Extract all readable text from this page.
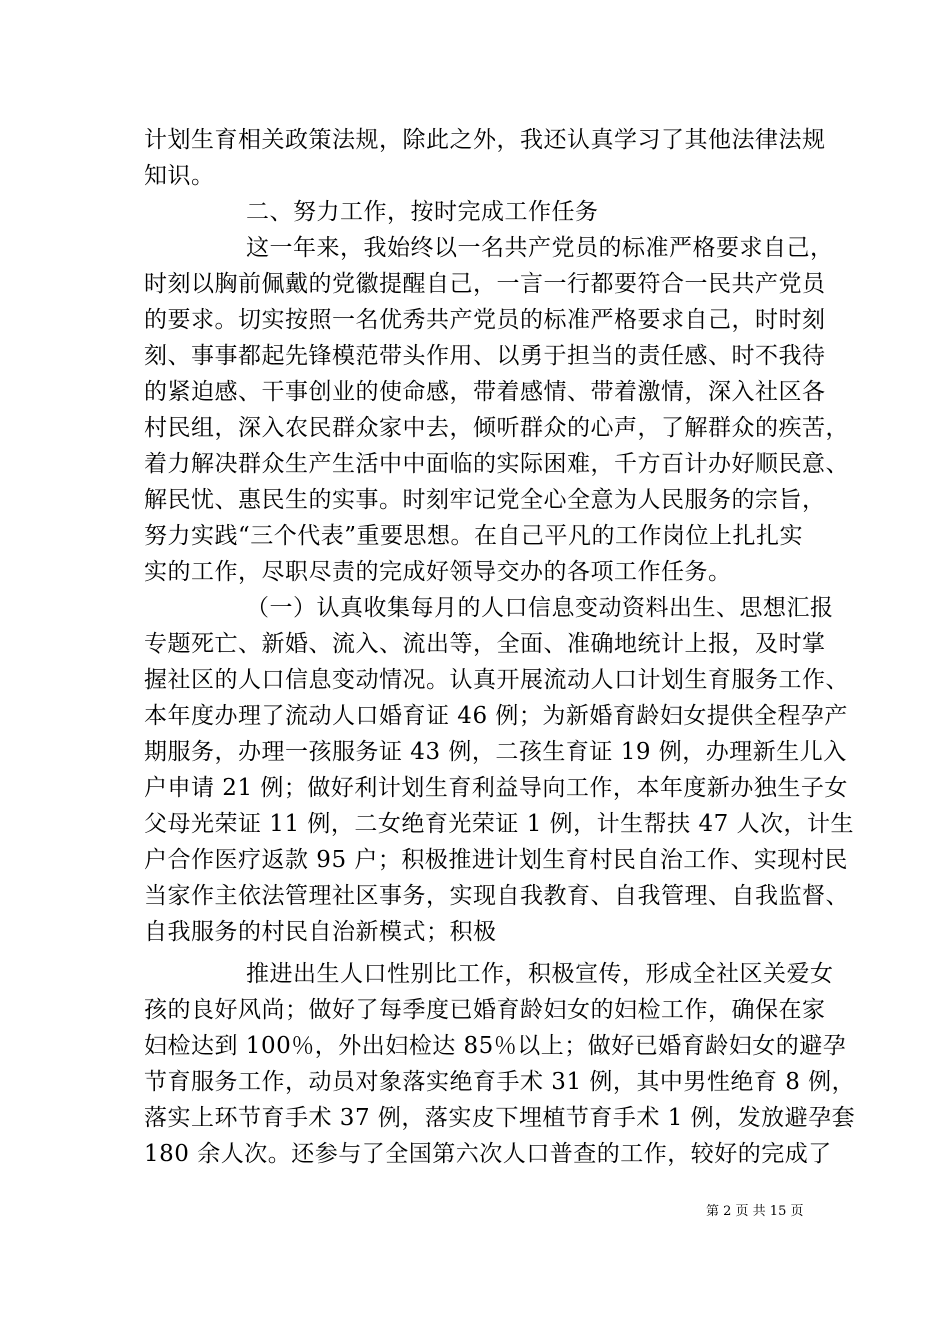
计划生育相关政策法规，除此之外，我还认真学习了其他法律法规
知识。
二、努力工作，按时完成工作任务
这一年来，我始终以一名共产党员的标准严格要求自己，
时刻以胸前佩戴的党徽提醒自己，一言一行都要符合一民共产党员
的要求。切实按照一名优秀共产党员的标准严格要求自己，时时刻
刻、事事都起先锋模范带头作用、以勇于担当的责任感、时不我待
的紧迫感、干事创业的使命感，带着感情、带着激情，深入社区各
村民组，深入农民群众家中去，倾听群众的心声，了解群众的疾苦，
着力解决群众生产生活中中面临的实际困难，千方百计办好顺民意、
解民忧、惠民生的实事。时刻牢记党全心全意为人民服务的宗旨，
努力实践“三个代表”重要思想。在自己平凡的工作岗位上扎扎实
实的工作，尽职尽责的完成好领导交办的各项工作任务。
（一）认真收集每月的人口信息变动资料出生、思想汇报
专题死亡、新婚、流入、流出等，全面、准确地统计上报，及时掌
握社区的人口信息变动情况。认真开展流动人口计划生育服务工作、
本年度办理了流动人口婚育证 46 例；为新婚育龄妇女提供全程孕产
期服务，办理一孩服务证 43 例，二孩生育证 19 例，办理新生儿入
户申请 21 例；做好利计划生育利益导向工作，本年度新办独生子女
父母光荣证 11 例，二女绝育光荣证 1 例，计生帮扶 47 人次，计生
户合作医疗返款 95 户；积极推进计划生育村民自治工作、实现村民
当家作主依法管理社区事务，实现自我教育、自我管理、自我监督、
自我服务的村民自治新模式；积极
推进出生人口性别比工作，积极宣传，形成全社区关爱女
孩的良好风尚；做好了每季度已婚育龄妇女的妇检工作，确保在家
妇检达到 100％，外出妇检达 85％以上；做好已婚育龄妇女的避孕
节育服务工作，动员对象落实绝育手术 31 例，其中男性绝育 8 例，
落实上环节育手术 37 例，落实皮下埋植节育手术 1 例，发放避孕套
180 余人次。还参与了全国第六次人口普查的工作，较好的完成了
第 2 页 共 15 页
